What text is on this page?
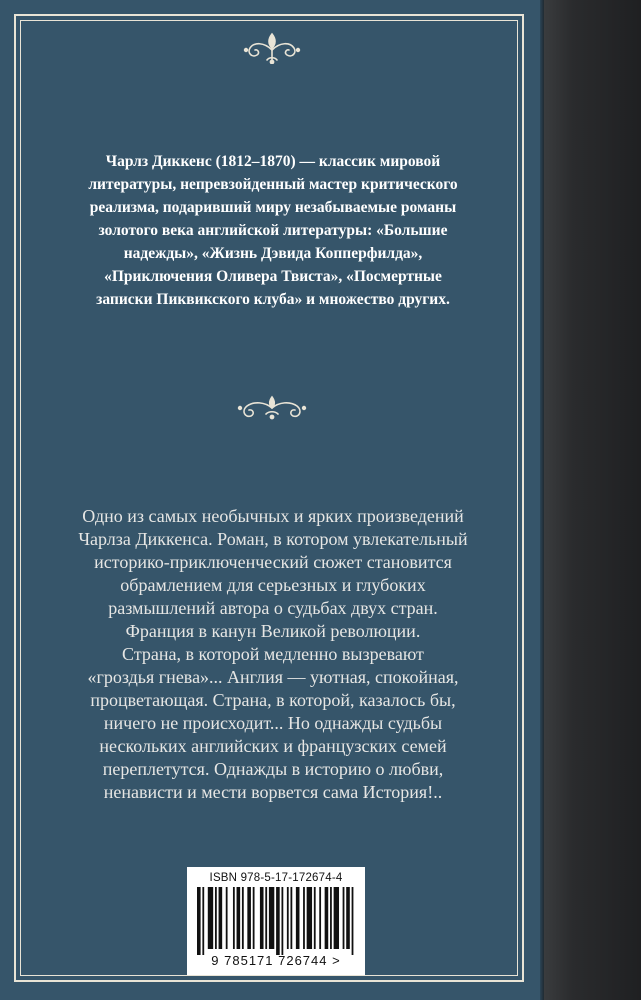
Чарлз Диккенс (1812–1870) — классик мировой
литературы, непревзойденный мастер критического
реализма, подаривший миру незабываемые романы
золотого века английской литературы: «Большие
надежды», «Жизнь Дэвида Копперфилда»,
«Приключения Оливера Твиста», «Посмертные
записки Пиквикского клуба» и множество других.

Одно из самых необычных и ярких произведений
Чарлза Диккенса. Роман, в котором увлекательный
историко-приключенческий сюжет становится
обрамлением для серьезных и глубоких
размышлений автора о судьбах двух стран.
Франция в канун Великой революции.
Страна, в которой медленно вызревают
«гроздья гнева»... Англия — уютная, спокойная,
процветающая. Страна, в которой, казалось бы,
ничего не происходит... Но однажды судьбы
нескольких английских и французских семей
переплетутся. Однажды в историю о любви,
ненависти и мести ворвется сама История!..

ISBN 978-5-17-172674-4
9 785171 726744 >
